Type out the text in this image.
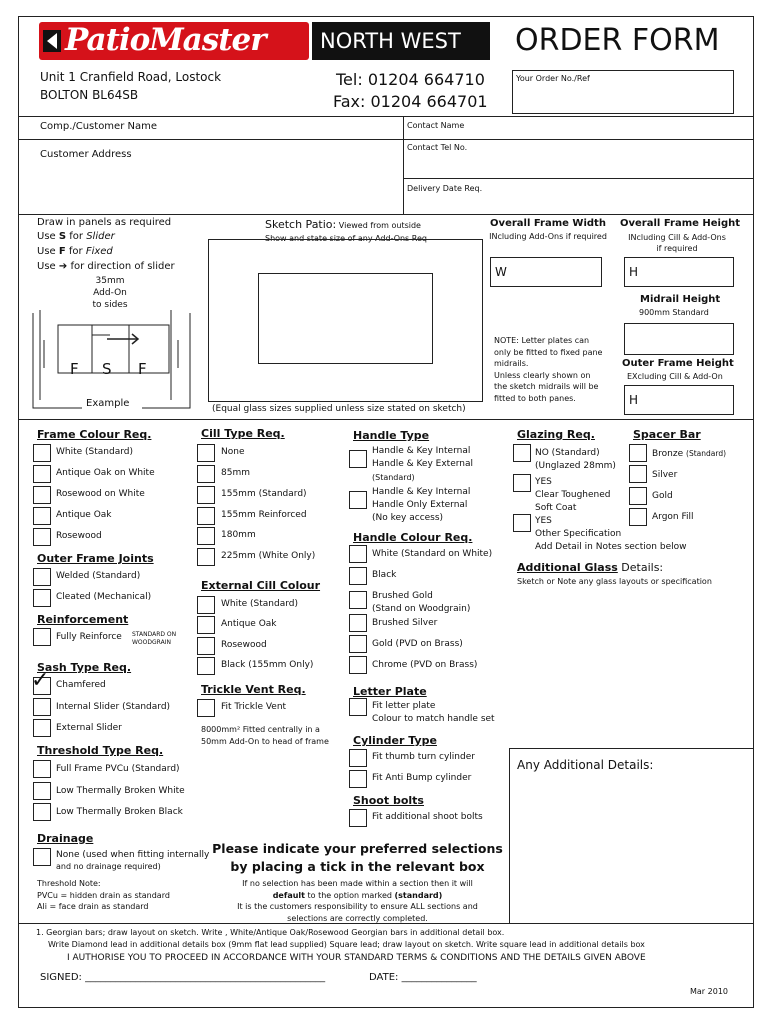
PatioMaster	NORTH WEST	ORDER FORM
Unit 1 Cranfield Road, Lostock
BOLTON BL64SB
Tel: 01204 664710
Fax: 01204 664701
Your Order No./Ref
Comp./Customer Name
Customer Address
Contact Name
Contact Tel No.
Delivery Date Req.
Draw in panels as required
Use S for Slider
Use F for Fixed
Use ➔ for direction of slider
35mm
Add-On
to sides
F S F
Example
Sketch Patio: Viewed from outside
Show and state size of any Add-Ons Req
(Equal glass sizes supplied unless size stated on sketch)
Overall Frame Width
INcluding Add-Ons if required
W
Overall Frame Height
INcluding Cill & Add-Ons
if required
H
Midrail Height
900mm Standard
NOTE: Letter plates can
only be fitted to fixed pane
midrails.
Unless clearly shown on
the sketch midrails will be
fitted to both panes.
Outer Frame Height
EXcluding Cill & Add-On
H
Frame Colour Req.
White (Standard)
Antique Oak on White
Rosewood on White
Antique Oak
Rosewood
Outer Frame Joints
Welded (Standard)
Cleated (Mechanical)
Reinforcement
Fully Reinforce STANDARD ON
WOODGRAIN
Sash Type Req.
✓ Chamfered
Internal Slider (Standard)
External Slider
Threshold Type Req.
Full Frame PVCu (Standard)
Low Thermally Broken White
Low Thermally Broken Black
Drainage
None (used when fitting internally
and no drainage required)
Threshold Note:
PVCu = hidden drain as standard
Ali = face drain as standard
Cill Type Req.
None
85mm
155mm (Standard)
155mm Reinforced
180mm
225mm (White Only)
External Cill Colour
White (Standard)
Antique Oak
Rosewood
Black (155mm Only)
Trickle Vent Req.
Fit Trickle Vent
8000mm² Fitted centrally in a
50mm Add-On to head of frame
Handle Type
Handle & Key Internal
Handle & Key External
(Standard)
Handle & Key Internal
Handle Only External
(No key access)
Handle Colour Req.
White (Standard on White)
Black
Brushed Gold
(Stand on Woodgrain)
Brushed Silver
Gold (PVD on Brass)
Chrome (PVD on Brass)
Letter Plate
Fit letter plate
Colour to match handle set
Cylinder Type
Fit thumb turn cylinder
Fit Anti Bump cylinder
Shoot bolts
Fit additional shoot bolts
Glazing Req.
NO (Standard)
(Unglazed 28mm)
YES
Clear Toughened
Soft Coat
YES
Other Specification
Add Detail in Notes section below
Spacer Bar
Bronze (Standard)
Silver
Gold
Argon Fill
Additional Glass Details:
Sketch or Note any glass layouts or specification
Any Additional Details:
Please indicate your preferred selections
by placing a tick in the relevant box
If no selection has been made within a section then it will
default to the option marked (standard)
It is the customers responsibility to ensure ALL sections and
selections are correctly completed.
1. Georgian bars; draw layout on sketch. Write , White/Antique Oak/Rosewood Georgian bars in additional detail box.
Write Diamond lead in additional details box (9mm flat lead supplied) Square lead; draw layout on sketch. Write square lead in additional details box
I AUTHORISE YOU TO PROCEED IN ACCORDANCE WITH YOUR STANDARD TERMS & CONDITIONS AND THE DETAILS GIVEN ABOVE
SIGNED: ________________________________________________	DATE: _______________
Mar 2010
